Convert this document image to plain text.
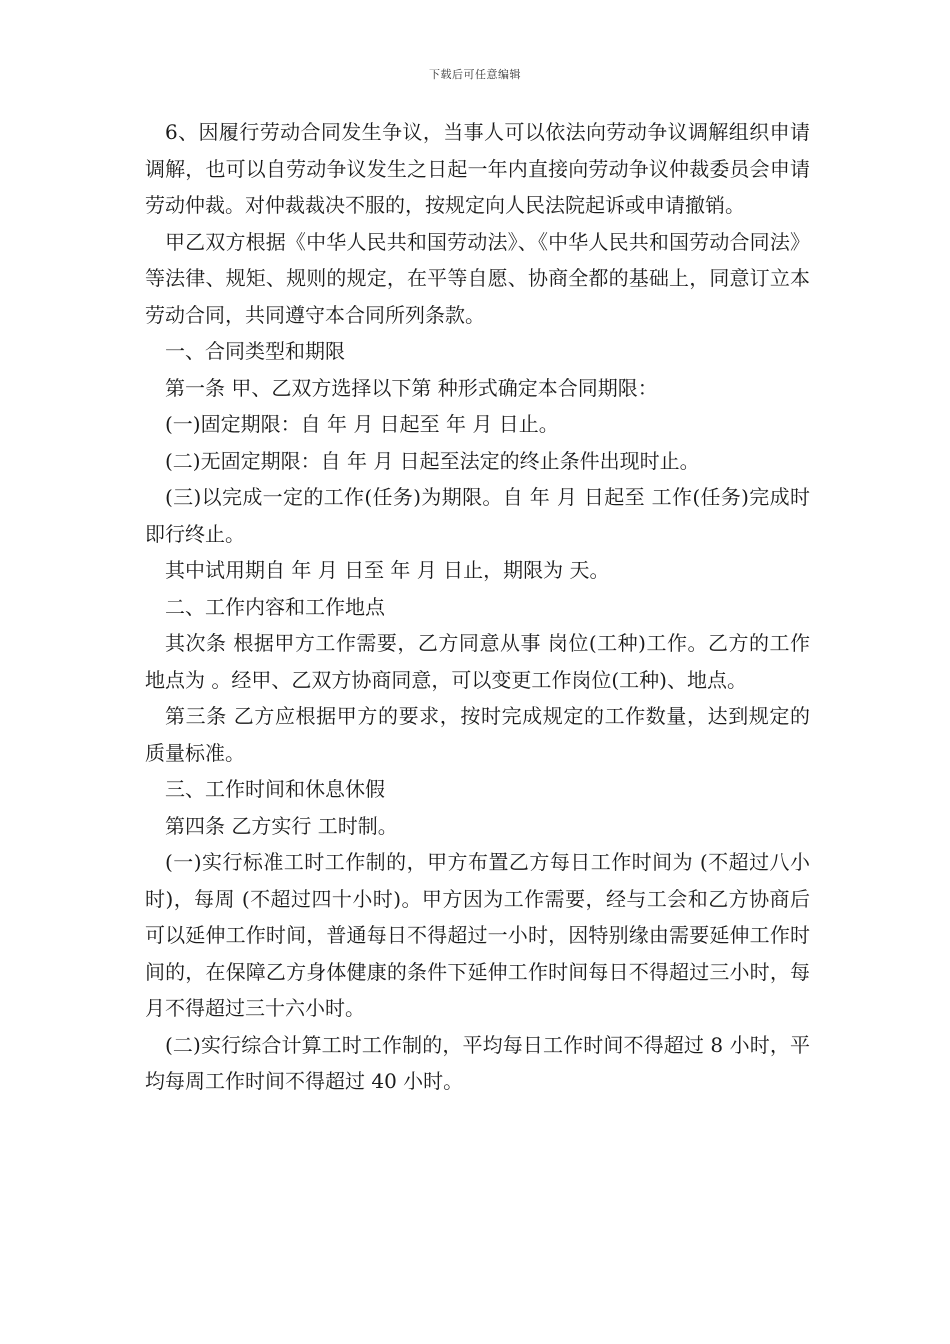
下载后可任意编辑

6、因履行劳动合同发生争议，当事人可以依法向劳动争议调解组织申请调解，也可以自劳动争议发生之日起一年内直接向劳动争议仲裁委员会申请劳动仲裁。对仲裁裁决不服的，按规定向人民法院起诉或申请撤销。

甲乙双方根据《中华人民共和国劳动法》、《中华人民共和国劳动合同法》等法律、规矩、规则的规定，在平等自愿、协商全都的基础上，同意订立本劳动合同，共同遵守本合同所列条款。

一、合同类型和期限

第一条 甲、乙双方选择以下第 种形式确定本合同期限：

(一)固定期限：自 年 月 日起至 年 月 日止。

(二)无固定期限：自 年 月 日起至法定的终止条件出现时止。

(三)以完成一定的工作(任务)为期限。自 年 月 日起至 工作(任务)完成时即行终止。

其中试用期自 年 月 日至 年 月 日止，期限为 天。

二、工作内容和工作地点

其次条 根据甲方工作需要，乙方同意从事 岗位(工种)工作。乙方的工作地点为 。经甲、乙双方协商同意，可以变更工作岗位(工种)、地点。

第三条 乙方应根据甲方的要求，按时完成规定的工作数量，达到规定的质量标准。

三、工作时间和休息休假

第四条 乙方实行 工时制。

(一)实行标准工时工作制的，甲方布置乙方每日工作时间为 (不超过八小时)，每周 (不超过四十小时)。甲方因为工作需要，经与工会和乙方协商后可以延伸工作时间，普通每日不得超过一小时，因特别缘由需要延伸工作时间的，在保障乙方身体健康的条件下延伸工作时间每日不得超过三小时，每月不得超过三十六小时。

(二)实行综合计算工时工作制的，平均每日工作时间不得超过 8 小时，平均每周工作时间不得超过 40 小时。
